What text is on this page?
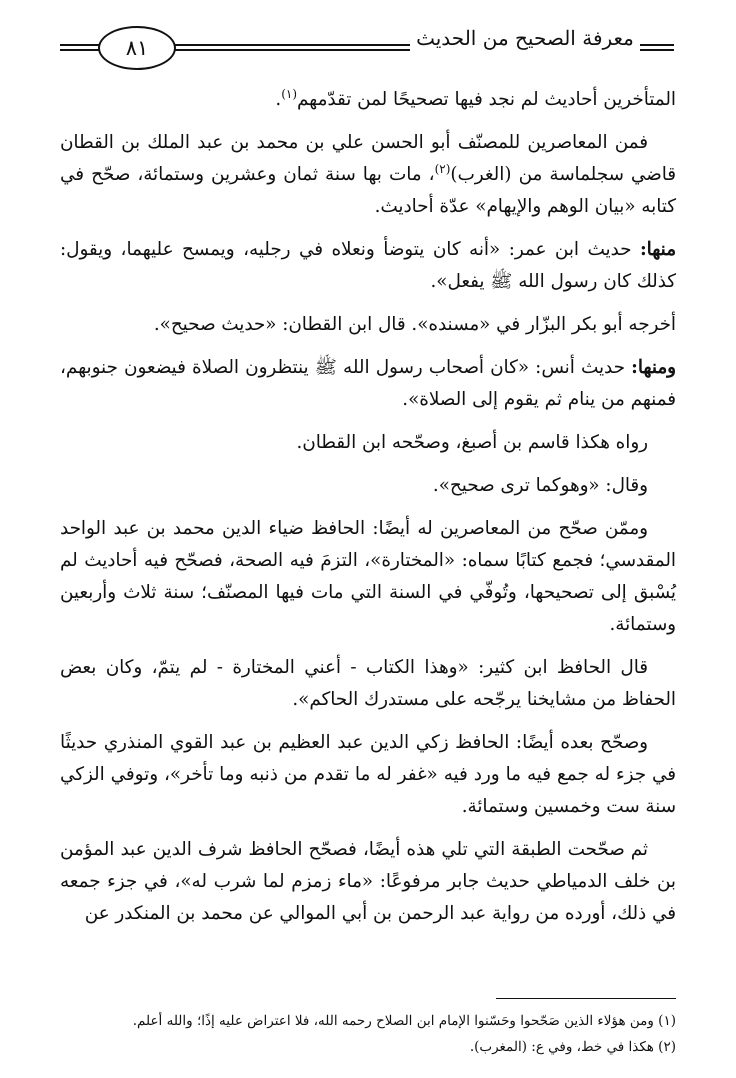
٨١	معرفة الصحيح من الحديث

المتأخرين أحاديث لم نجد فيها تصحيحًا لمن تقدّمهم$^{(١)}$.

فمن المعاصرين للمصنّف أبو الحسن علي بن محمد بن عبد الملك بن القطان قاضي سجلماسة من (الغرب)$^{(٢)}$، مات بها سنة ثمان وعشرين وستمائة، صحّح في كتابه «بيان الوهم والإيهام» عدّة أحاديث.

منها: حديث ابن عمر: «أنه كان يتوضأ ونعلاه في رجليه، ويمسح عليهما، ويقول: كذلك كان رسول الله ﷺ يفعل».

أخرجه أبو بكر البزّار في «مسنده». قال ابن القطان: «حديث صحيح».

ومنها: حديث أنس: «كان أصحاب رسول الله ﷺ ينتظرون الصلاة فيضعون جنوبهم، فمنهم من ينام ثم يقوم إلى الصلاة».

رواه هكذا قاسم بن أصبغ، وصحّحه ابن القطان.

وقال: «وهوكما ترى صحيح».

وممّن صحّح من المعاصرين له أيضًا: الحافظ ضياء الدين محمد بن عبد الواحد المقدسي؛ فجمع كتابًا سماه: «المختارة»، التزمَ فيه الصحة، فصحّح فيه أحاديث لم يُسْبق إلى تصحيحها، وتُوفّي في السنة التي مات فيها المصنّف؛ سنة ثلاث وأربعين وستمائة.

قال الحافظ ابن كثير: «وهذا الكتاب - أعني المختارة - لم يتمّ، وكان بعض الحفاظ من مشايخنا يرجّحه على مستدرك الحاكم».

وصحّح بعده أيضًا: الحافظ زكي الدين عبد العظيم بن عبد القوي المنذري حديثًا في جزء له جمع فيه ما ورد فيه «غفر له ما تقدم من ذنبه وما تأخر»، وتوفي الزكي سنة ست وخمسين وستمائة.

ثم صحّحت الطبقة التي تلي هذه أيضًا، فصحّح الحافظ شرف الدين عبد المؤمن بن خلف الدمياطي حديث جابر مرفوعًا: «ماء زمزم لما شرب له»، في جزء جمعه في ذلك، أورده من رواية عبد الرحمن بن أبي الموالي عن محمد بن المنكدر عن

(١) ومن هؤلاء الذين صَحّحوا وحَسّنوا الإمام ابن الصلاح رحمه الله، فلا اعتراض عليه إذًا؛ والله أعلم.
(٢) هكذا في خط، وفي ع: (المغرب).
